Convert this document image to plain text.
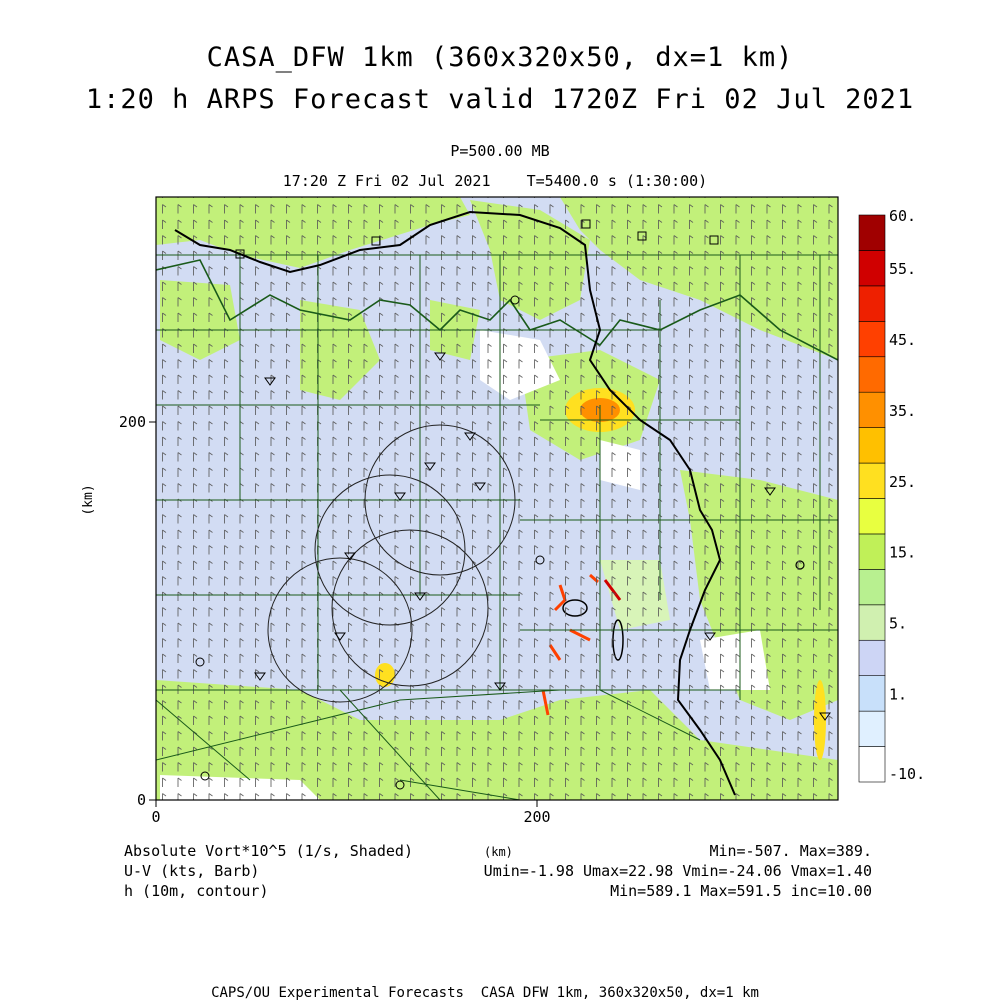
CASA_DFW 1km (360x320x50, dx=1 km)
1:20 h ARPS Forecast valid 1720Z Fri 02 Jul 2021
P=500.00 MB
17:20 Z Fri 02 Jul 2021    T=5400.0 s (1:30:00)
0	200
0
200
(km)
60.
55.
45.
35.
25.
15.
5.
1.
-10.
Absolute Vort*10^5 (1/s, Shaded)	Min=-507. Max=389.
(km)
U-V (kts, Barb)	Umin=-1.98 Umax=22.98 Vmin=-24.06 Vmax=1.40
h (10m, contour)	Min=589.1 Max=591.5 inc=10.00
CAPS/OU Experimental Forecasts  CASA DFW 1km, 360x320x50, dx=1 km
